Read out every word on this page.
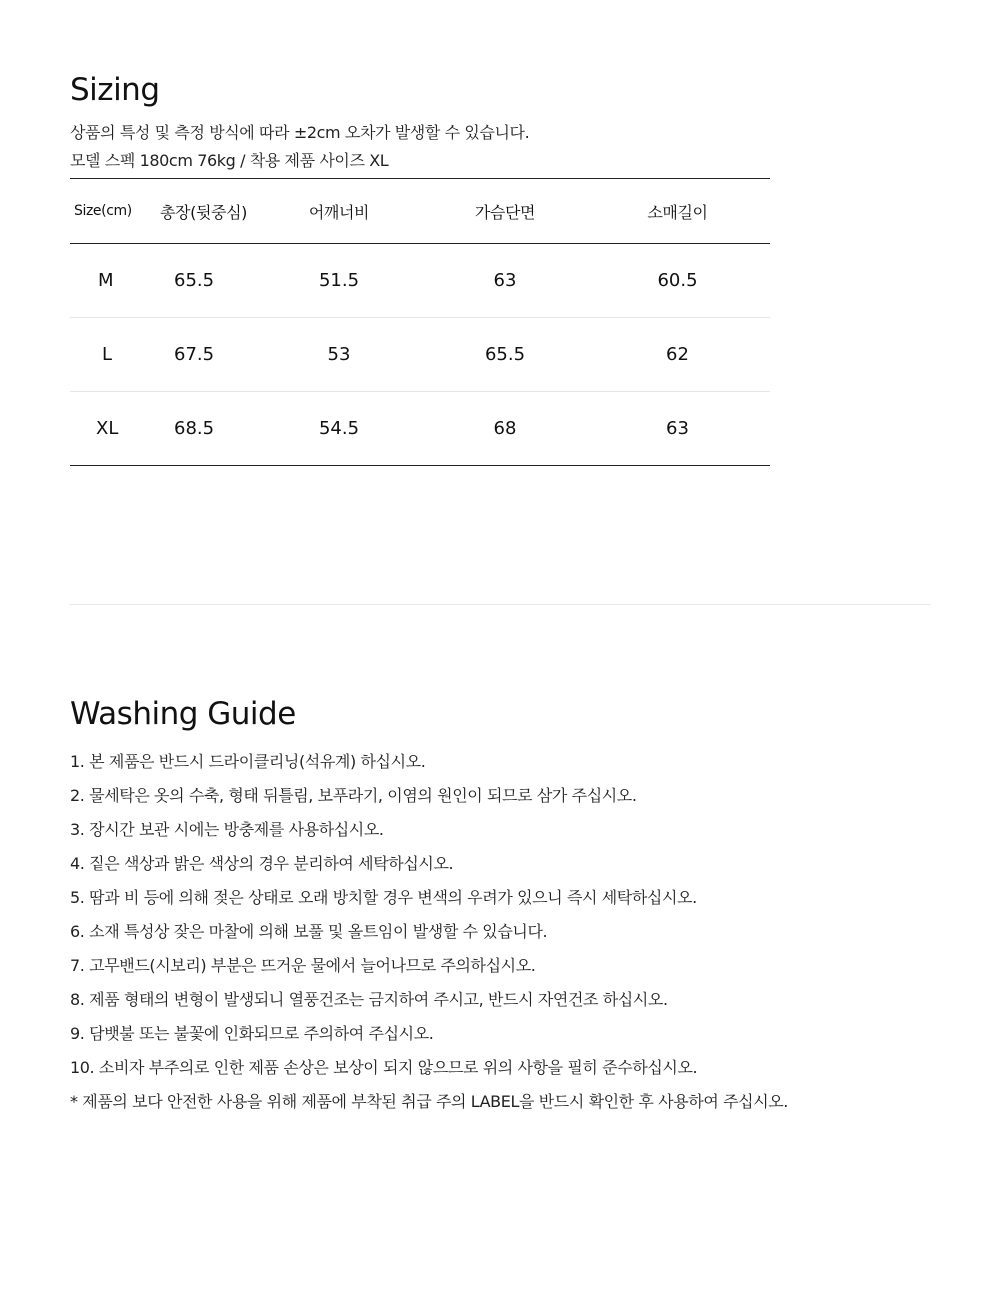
Sizing

상품의 특성 및 측정 방식에 따라 ±2cm 오차가 발생할 수 있습니다.

모델 스펙 180cm 76kg / 착용 제품 사이즈 XL

Size(cm)	총장(뒷중심)	어깨너비	가슴단면	소매길이
M	65.5	51.5	63	60.5
L	67.5	53	65.5	62
XL	68.5	54.5	68	63
Washing Guide
1. 본 제품은 반드시 드라이클리닝(석유계) 하십시오.
2. 물세탁은 옷의 수축, 형태 뒤틀림, 보푸라기, 이염의 원인이 되므로 삼가 주십시오.
3. 장시간 보관 시에는 방충제를 사용하십시오.
4. 짙은 색상과 밝은 색상의 경우 분리하여 세탁하십시오.
5. 땀과 비 등에 의해 젖은 상태로 오래 방치할 경우 변색의 우려가 있으니 즉시 세탁하십시오.
6. 소재 특성상 잦은 마찰에 의해 보풀 및 올트임이 발생할 수 있습니다.
7. 고무밴드(시보리) 부분은 뜨거운 물에서 늘어나므로 주의하십시오.
8. 제품 형태의 변형이 발생되니 열풍건조는 금지하여 주시고, 반드시 자연건조 하십시오.
9. 담뱃불 또는 불꽃에 인화되므로 주의하여 주십시오.
10. 소비자 부주의로 인한 제품 손상은 보상이 되지 않으므로 위의 사항을 필히 준수하십시오.
* 제품의 보다 안전한 사용을 위해 제품에 부착된 취급 주의 LABEL을 반드시 확인한 후 사용하여 주십시오.
